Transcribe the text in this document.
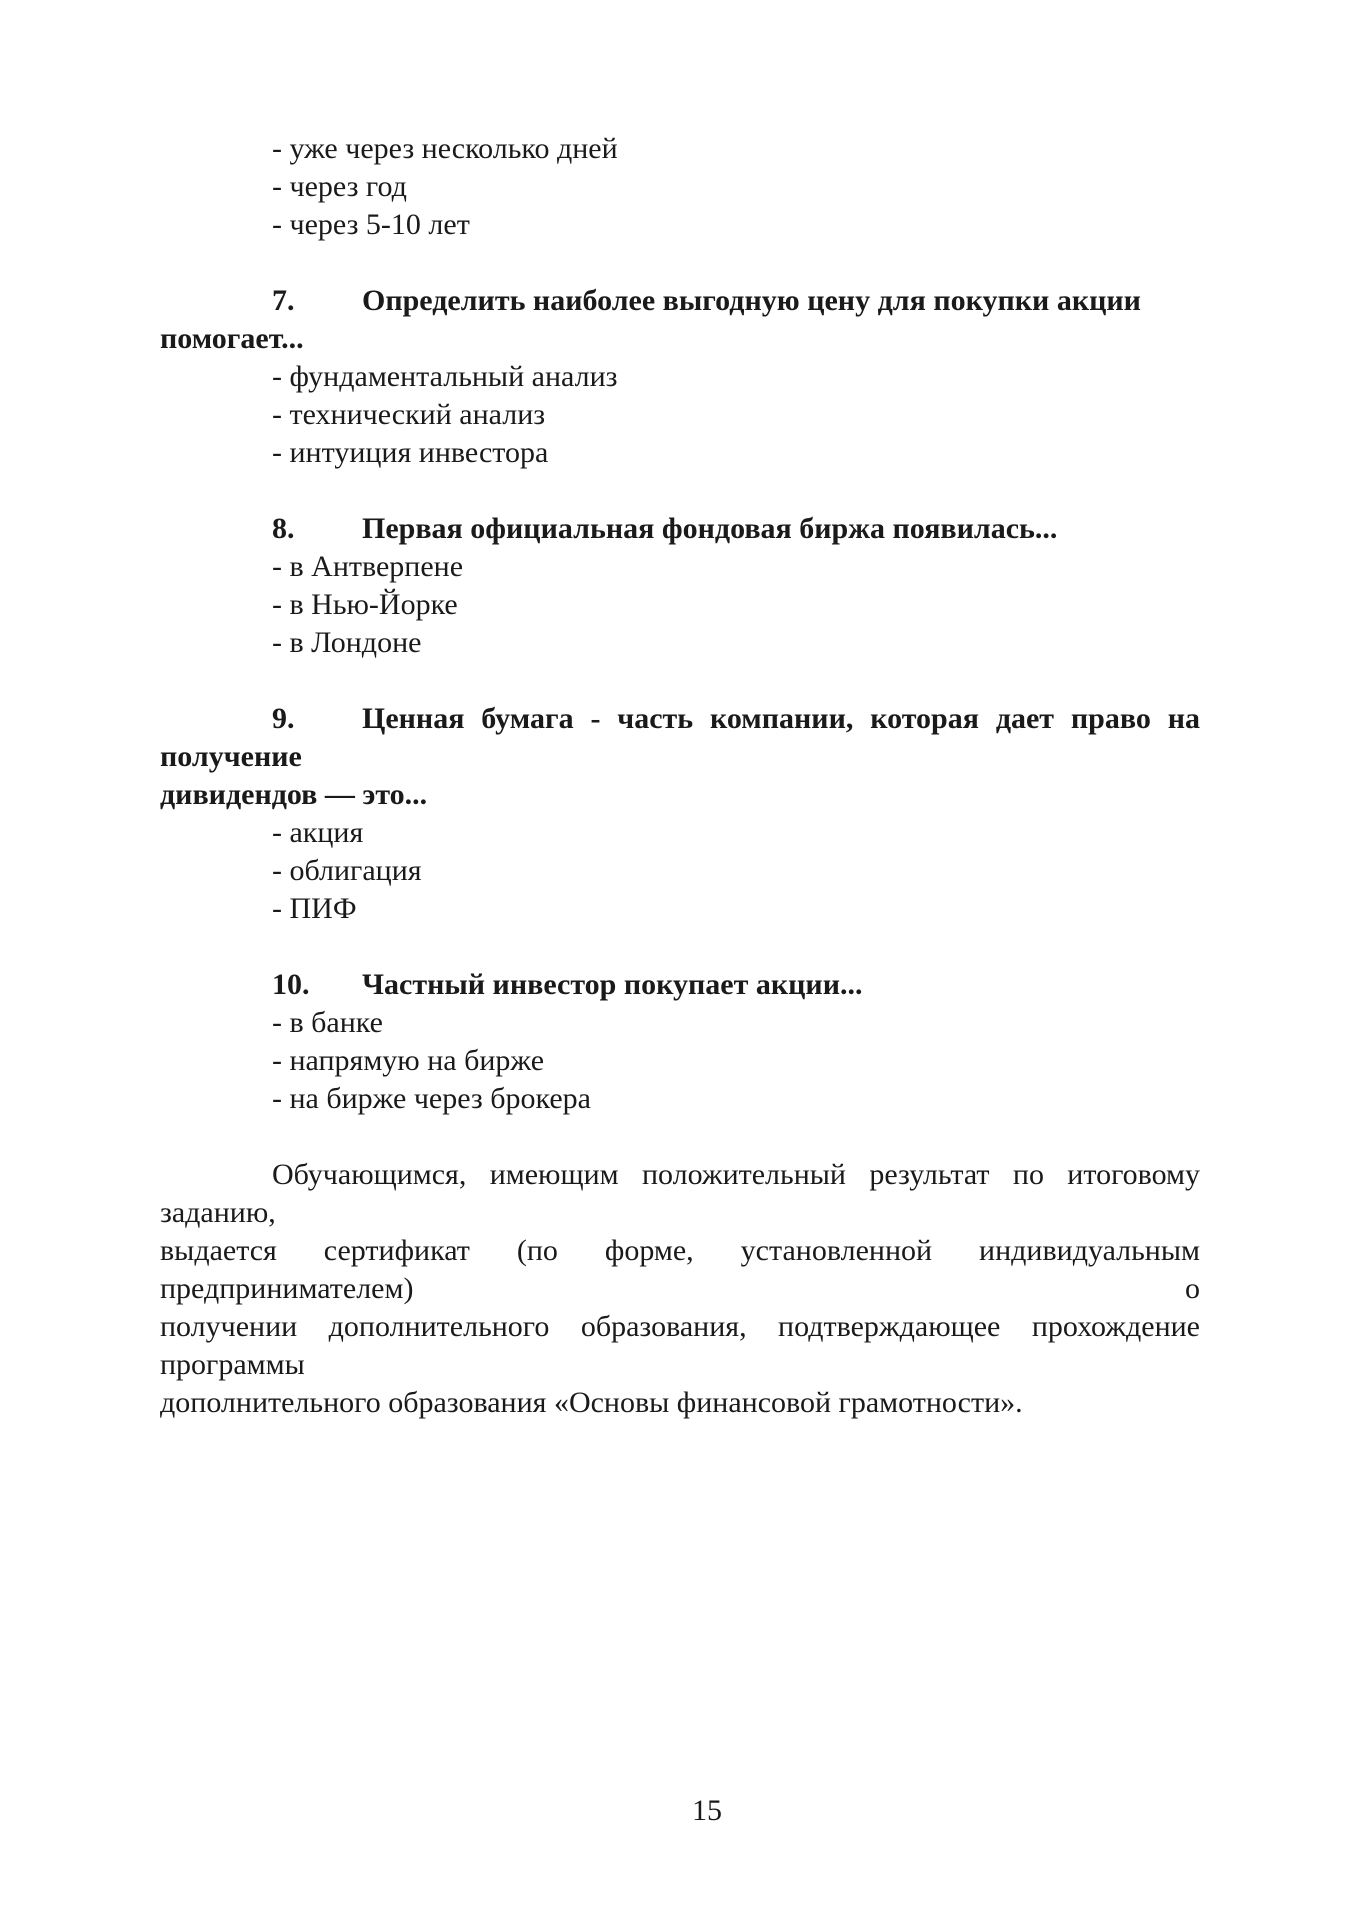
- уже через несколько дней
- через год
- через 5-10 лет
7. Определить наиболее выгодную цену для покупки акции помогает...
- фундаментальный анализ
- технический анализ
- интуиция инвестора
8. Первая официальная фондовая биржа появилась...
- в Антверпене
- в Нью-Йорке
- в Лондоне
9. Ценная бумага - часть компании, которая дает право на получение
дивидендов — это...
- акция
- облигация
- ПИФ
10. Частный инвестор покупает акции...
- в банке
- напрямую на бирже
- на бирже через брокера
Обучающимся, имеющим положительный результат по итоговому заданию,
выдается сертификат (по форме, установленной индивидуальным предпринимателем) о
получении дополнительного образования, подтверждающее прохождение программы
дополнительного образования «Основы финансовой грамотности».
15
